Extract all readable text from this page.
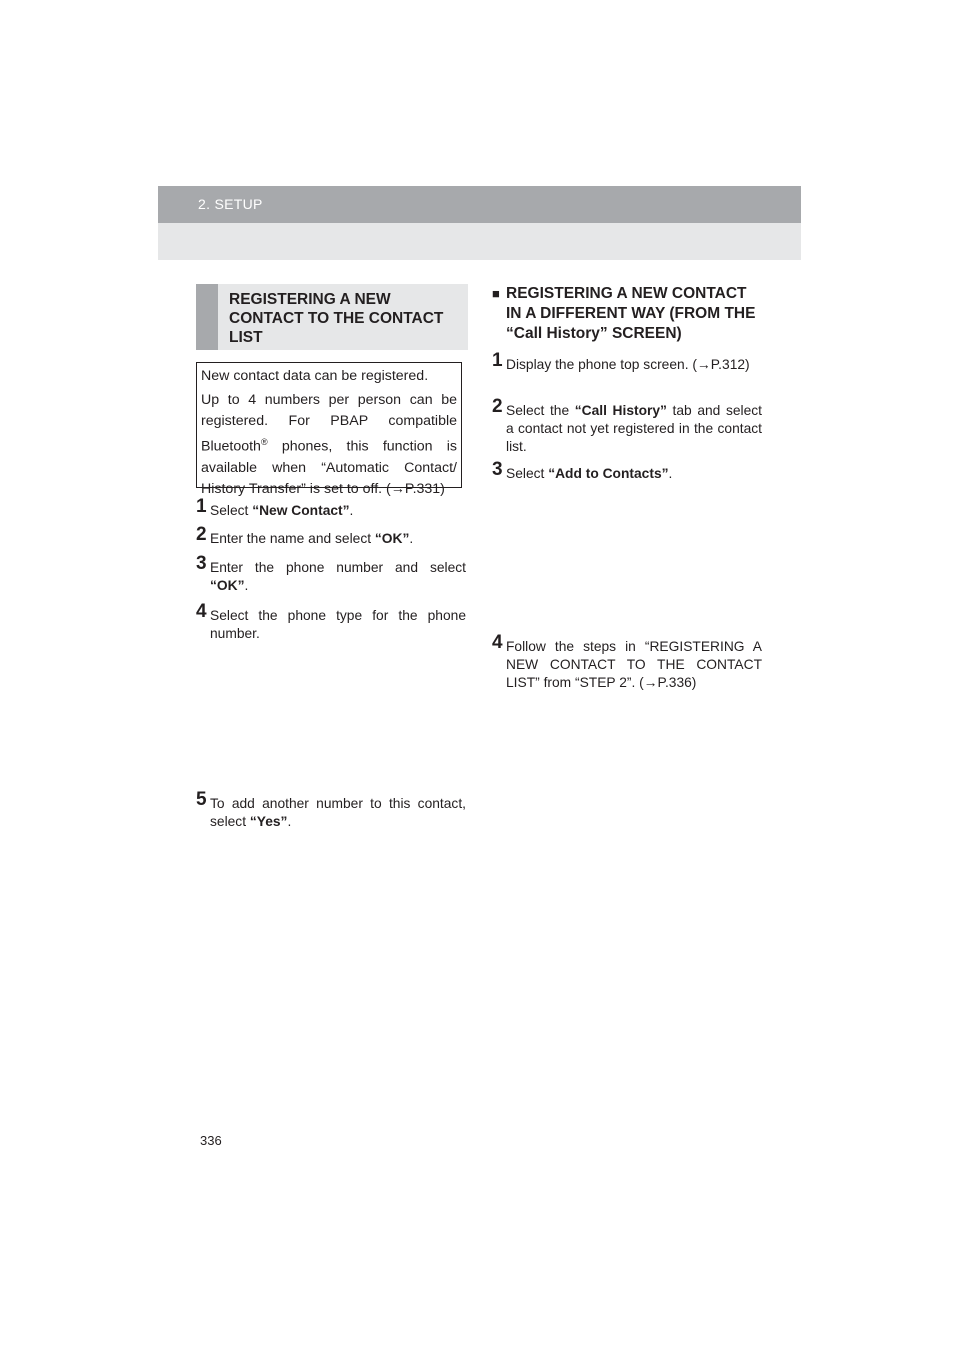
2. SETUP
REGISTERING A NEW CONTACT TO THE CONTACT LIST

New contact data can be registered.

Up to 4 numbers per person can be registered. For PBAP compatible Bluetooth® phones, this function is available when “Automatic Contact/ History Transfer” is set to off. (→P.331)

1 Select “New Contact”.
2 Enter the name and select “OK”.
3 Enter the phone number and select “OK”.
4 Select the phone type for the phone number.
5 To add another number to this contact, select “Yes”.
■ REGISTERING A NEW CONTACT IN A DIFFERENT WAY (FROM THE “Call History” SCREEN)
1 Display the phone top screen. (→P.312)
2 Select the “Call History” tab and select a contact not yet registered in the contact list.
3 Select “Add to Contacts”.
4 Follow the steps in “REGISTERING A NEW CONTACT TO THE CONTACT LIST” from “STEP 2”. (→P.336)
336
